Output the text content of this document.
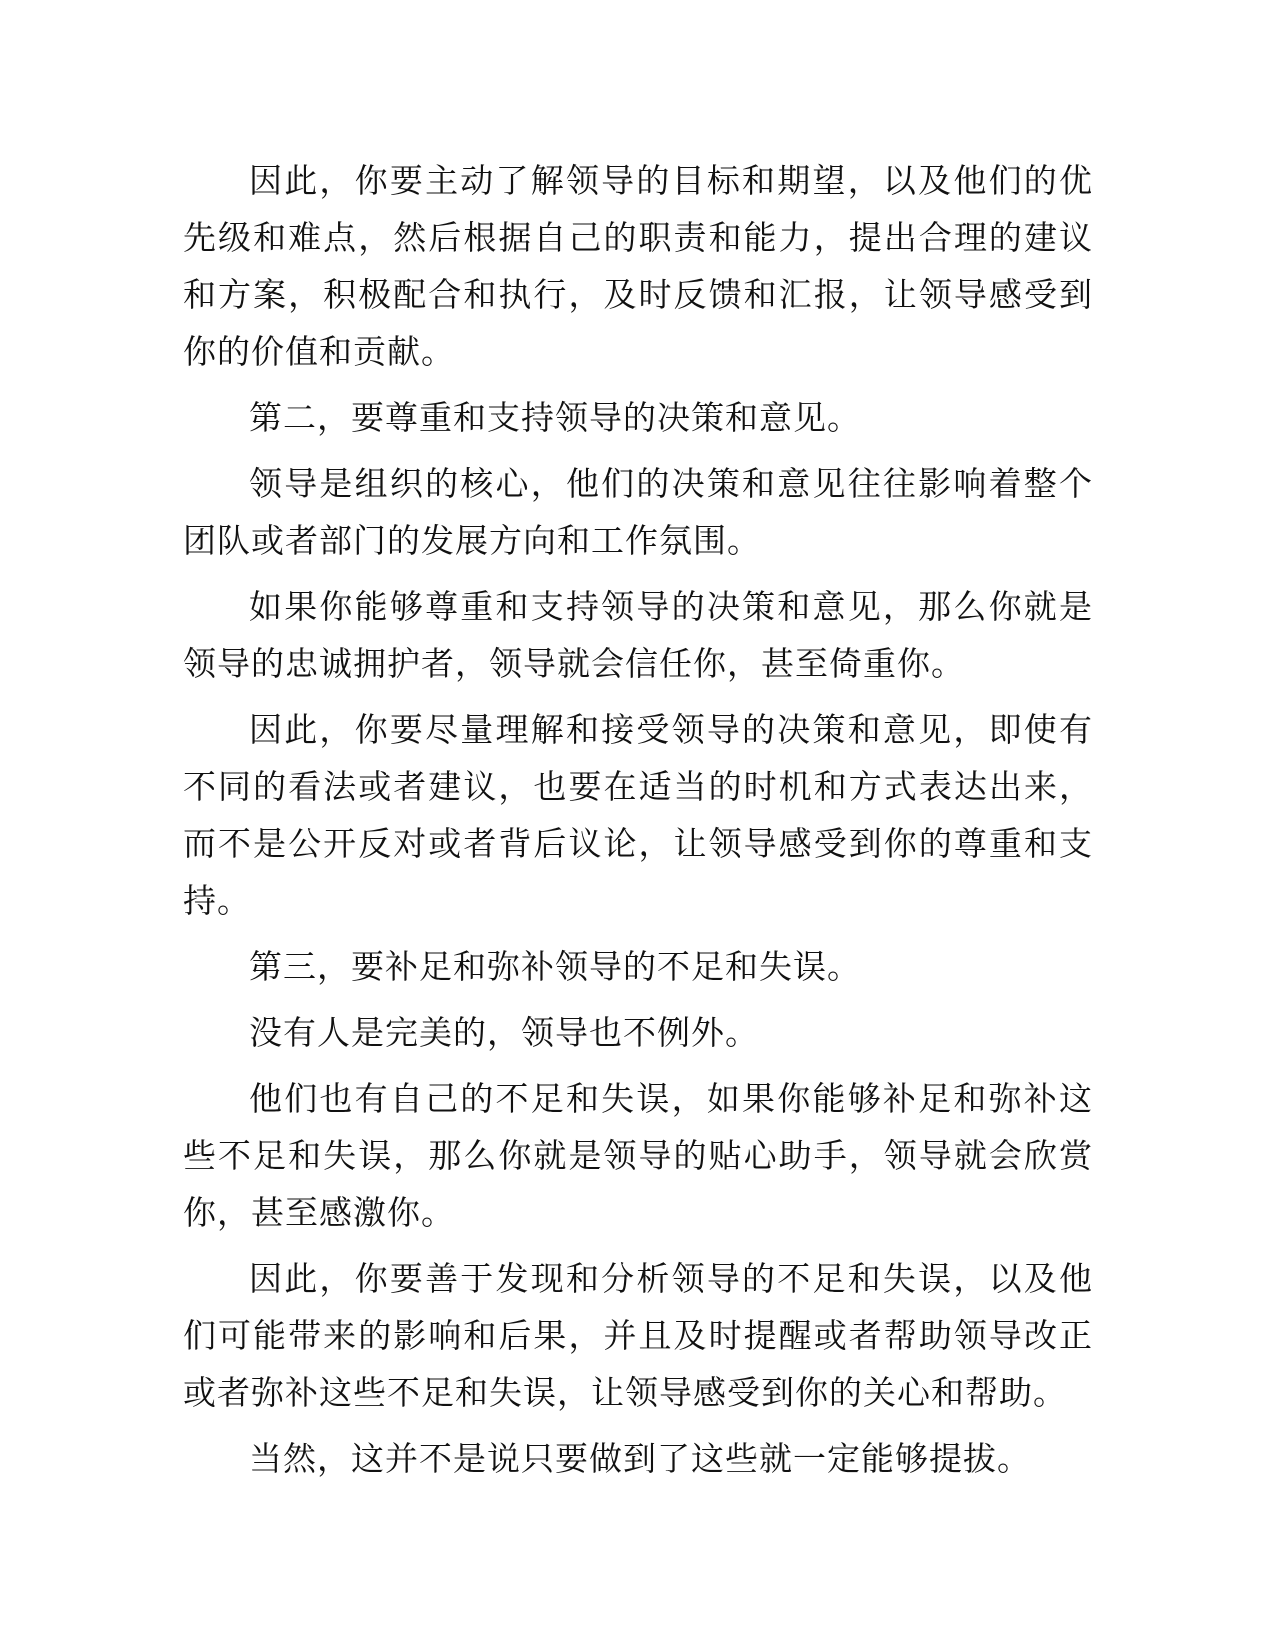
因此，你要主动了解领导的目标和期望，以及他们的优先级和难点，然后根据自己的职责和能力，提出合理的建议和方案，积极配合和执行，及时反馈和汇报，让领导感受到你的价值和贡献。

第二，要尊重和支持领导的决策和意见。

领导是组织的核心，他们的决策和意见往往影响着整个团队或者部门的发展方向和工作氛围。

如果你能够尊重和支持领导的决策和意见，那么你就是领导的忠诚拥护者，领导就会信任你，甚至倚重你。

因此，你要尽量理解和接受领导的决策和意见，即使有不同的看法或者建议，也要在适当的时机和方式表达出来，而不是公开反对或者背后议论，让领导感受到你的尊重和支持。

第三，要补足和弥补领导的不足和失误。

没有人是完美的，领导也不例外。

他们也有自己的不足和失误，如果你能够补足和弥补这些不足和失误，那么你就是领导的贴心助手，领导就会欣赏你，甚至感激你。

因此，你要善于发现和分析领导的不足和失误，以及他们可能带来的影响和后果，并且及时提醒或者帮助领导改正或者弥补这些不足和失误，让领导感受到你的关心和帮助。

当然，这并不是说只要做到了这些就一定能够提拔。
